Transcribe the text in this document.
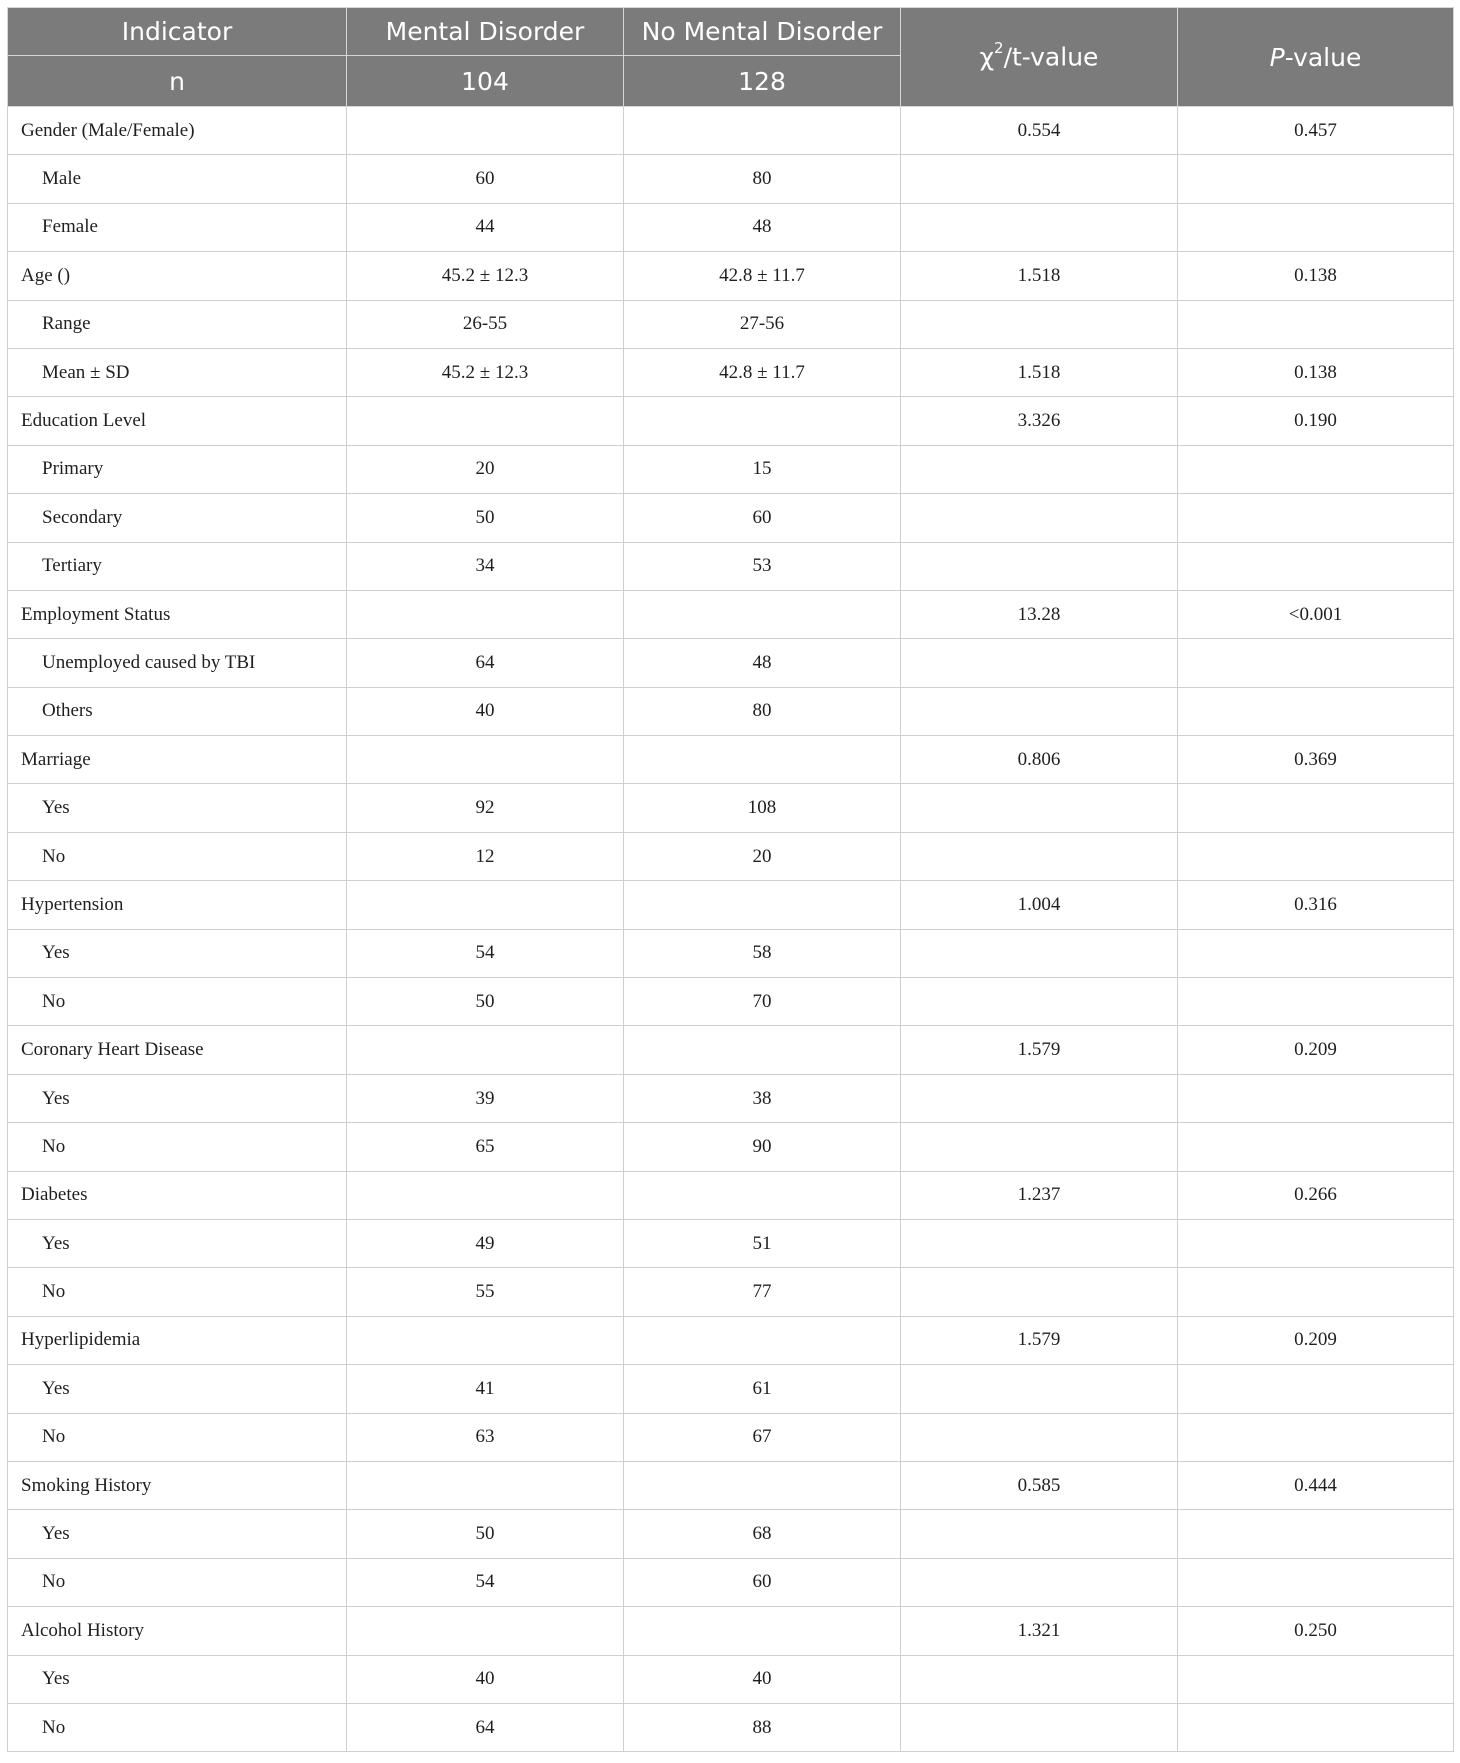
Indicator	Mental Disorder	No Mental Disorder	$\chi^2/t$-value	P-value
n	104	128		
Gender (Male/Female)			0.554	0.457
Male	60	80		
Female	44	48		
Age ()	45.2 ± 12.3	42.8 ± 11.7	1.518	0.138
Range	26-55	27-56		
Mean ± SD	45.2 ± 12.3	42.8 ± 11.7	1.518	0.138
Education Level			3.326	0.190
Primary	20	15		
Secondary	50	60		
Tertiary	34	53		
Employment Status			13.28	<0.001
Unemployed caused by TBI	64	48		
Others	40	80		
Marriage			0.806	0.369
Yes	92	108		
No	12	20		
Hypertension			1.004	0.316
Yes	54	58		
No	50	70		
Coronary Heart Disease			1.579	0.209
Yes	39	38		
No	65	90		
Diabetes			1.237	0.266
Yes	49	51		
No	55	77		
Hyperlipidemia			1.579	0.209
Yes	41	61		
No	63	67		
Smoking History			0.585	0.444
Yes	50	68		
No	54	60		
Alcohol History			1.321	0.250
Yes	40	40		
No	64	88		
